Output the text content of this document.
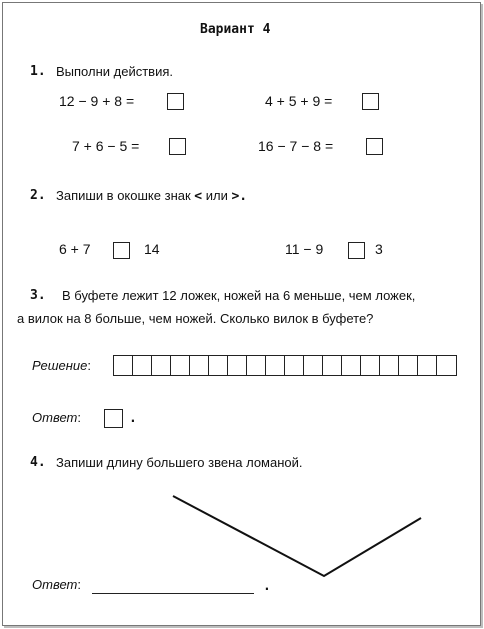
Вариант 4
1. Выполни действия.
12 − 9 + 8 =	4 + 5 + 9 =
7 + 6 − 5 =	16 − 7 − 8 =
2. Запиши в окошке знак < или >.
6 + 7	14	11 − 9	3
3. В буфете лежит 12 ложек, ножей на 6 меньше, чем ложек,
а вилок на 8 больше, чем ножей. Сколько вилок в буфете?
Решение:
Ответ:	.
4. Запиши длину большего звена ломаной.
Ответ:	.
